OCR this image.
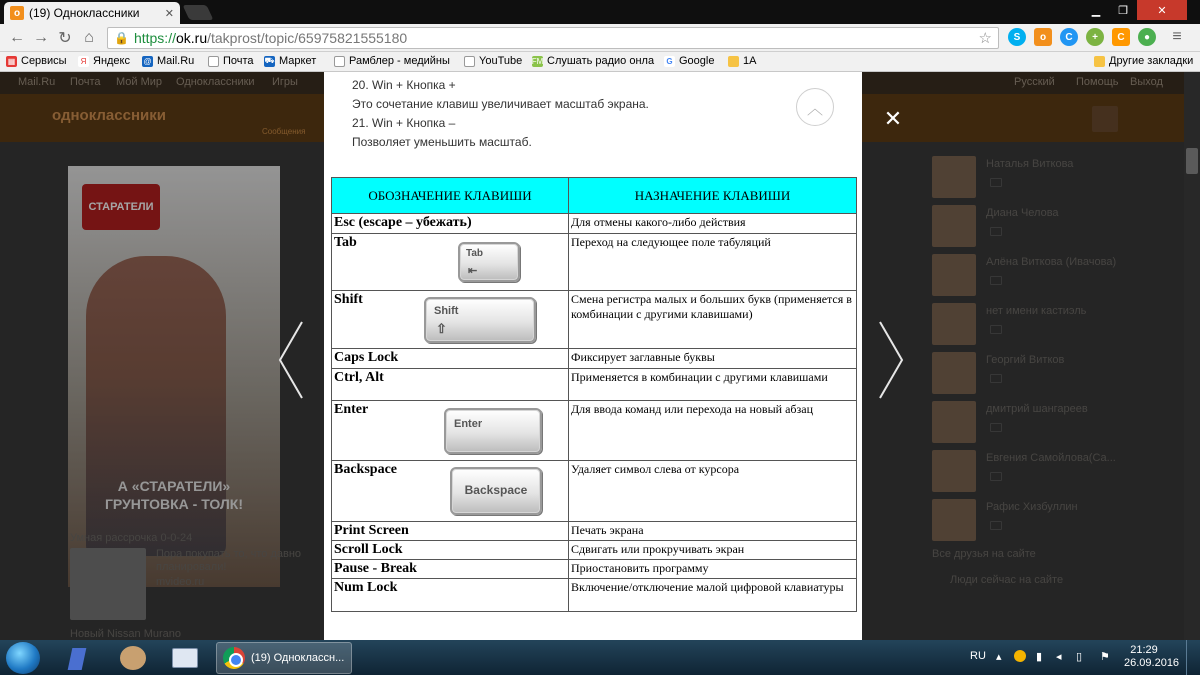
о (19) Одноклассники	✕	▁	❐	✕
← → ↻ ⌂	🔒 https:// ok.ru /takprost/topic/65975821555180	☆	S	о	C	+	C	●	≡
▦ Сервисы	Я Яндекс @ Mail.Ru	Почта ⛟ Маркет	Рамблер - медийны	YouTube FM Слушать радио онла G Google	1А	Другие закладки
Mail.Ru Почта Мой Мир Одноклассники Игры	Русский Помощь Выход
одноклассники
Сообщения
СТАРАТЕЛИ
А «СТАРАТЕЛИ»
ГРУНТОВКА - ТОЛК!
Умная рассрочка 0-0-24
Пора покупать то, что давно планировали!
mvideo.ru
Новый Nissan Murano
Наталья Виткова
Диана Челова
Алёна Виткова (Ивачова)
нет имени кастиэль
Георгий Витков
дмитрий шангареев
Евгения Самойлова(Са...
Рафис Хизбуллин
Все друзья на сайте
Люди сейчас на сайте
✕
20. Win + Кнопка +
Это сочетание клавиш увеличивает масштаб экрана.
21. Win + Кнопка –
Позволяет уменьшить масштаб.
︿
ОБОЗНАЧЕНИЕ КЛАВИШИ	НАЗНАЧЕНИЕ КЛАВИШИ
Esc (escape – убежать)	Для отмены какого-либо действия
Tab
Tab
⇤	Переход на следующее поле табуляций
Shift
Shift
⇧	Смена регистра малых и больших букв (применяется в комбинации с другими клавишами)
Caps Lock	Фиксирует заглавные буквы
Ctrl, Alt	Применяется в комбинации с другими клавишами
Enter
Enter	Для ввода команд или перехода на новый абзац
Backspace
Backspace	Удаляет символ слева от курсора
Print Screen	Печать экрана
Scroll Lock	Сдвигать или прокручивать экран
Pause - Break	Приостановить программу
Num Lock	Включение/отключение малой цифровой клавиатуры
(19) Одноклассн...	RU ▴	▮ ◂ ▯ ⚑
21:29
26.09.2016
